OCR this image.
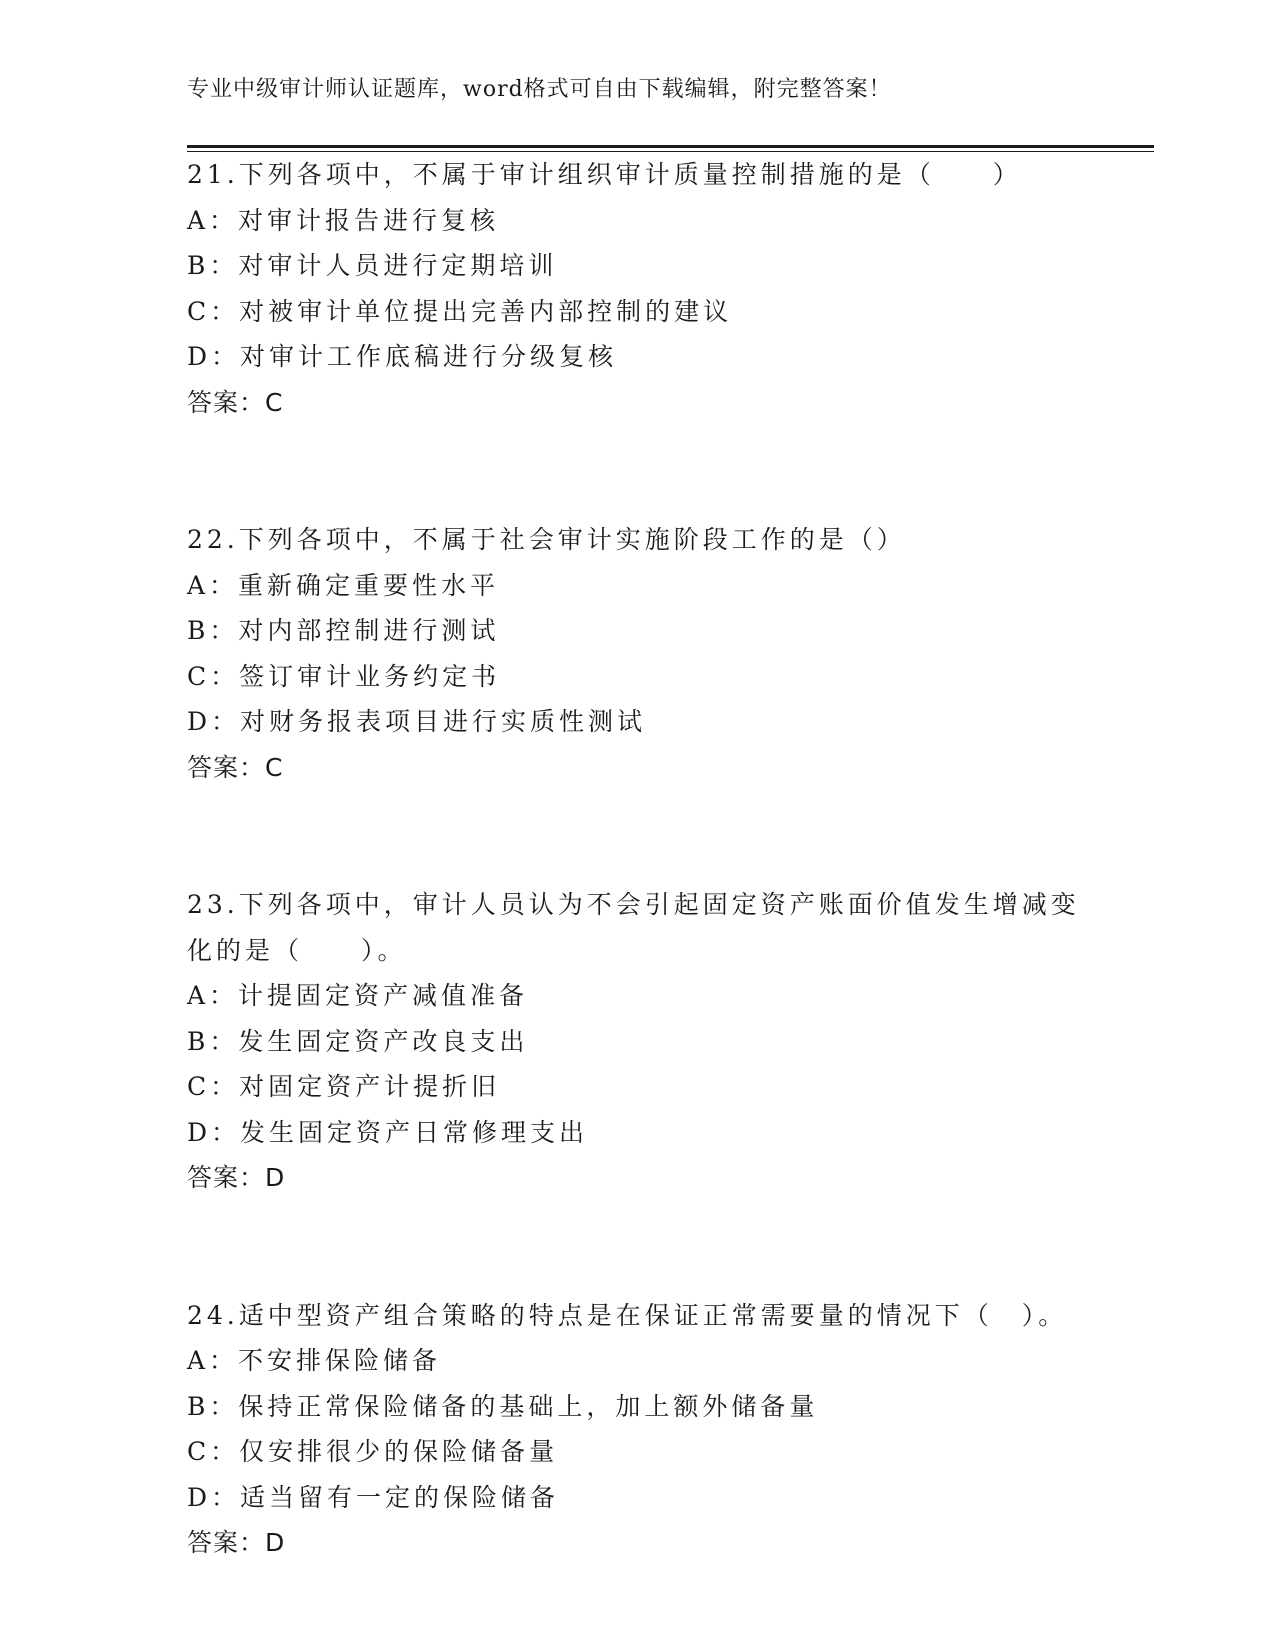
专业中级审计师认证题库，word格式可自由下载编辑，附完整答案！

21.下列各项中，不属于审计组织审计质量控制措施的是（　　）

A：对审计报告进行复核

B：对审计人员进行定期培训

C：对被审计单位提出完善内部控制的建议

D：对审计工作底稿进行分级复核

答案：C

22.下列各项中，不属于社会审计实施阶段工作的是（）

A：重新确定重要性水平

B：对内部控制进行测试

C：签订审计业务约定书

D：对财务报表项目进行实质性测试

答案：C

23.下列各项中，审计人员认为不会引起固定资产账面价值发生增减变

化的是（　　）。

A：计提固定资产减值准备

B：发生固定资产改良支出

C：对固定资产计提折旧

D：发生固定资产日常修理支出

答案：D

24.适中型资产组合策略的特点是在保证正常需要量的情况下（　）。

A：不安排保险储备

B：保持正常保险储备的基础上，加上额外储备量

C：仅安排很少的保险储备量

D：适当留有一定的保险储备

答案：D
